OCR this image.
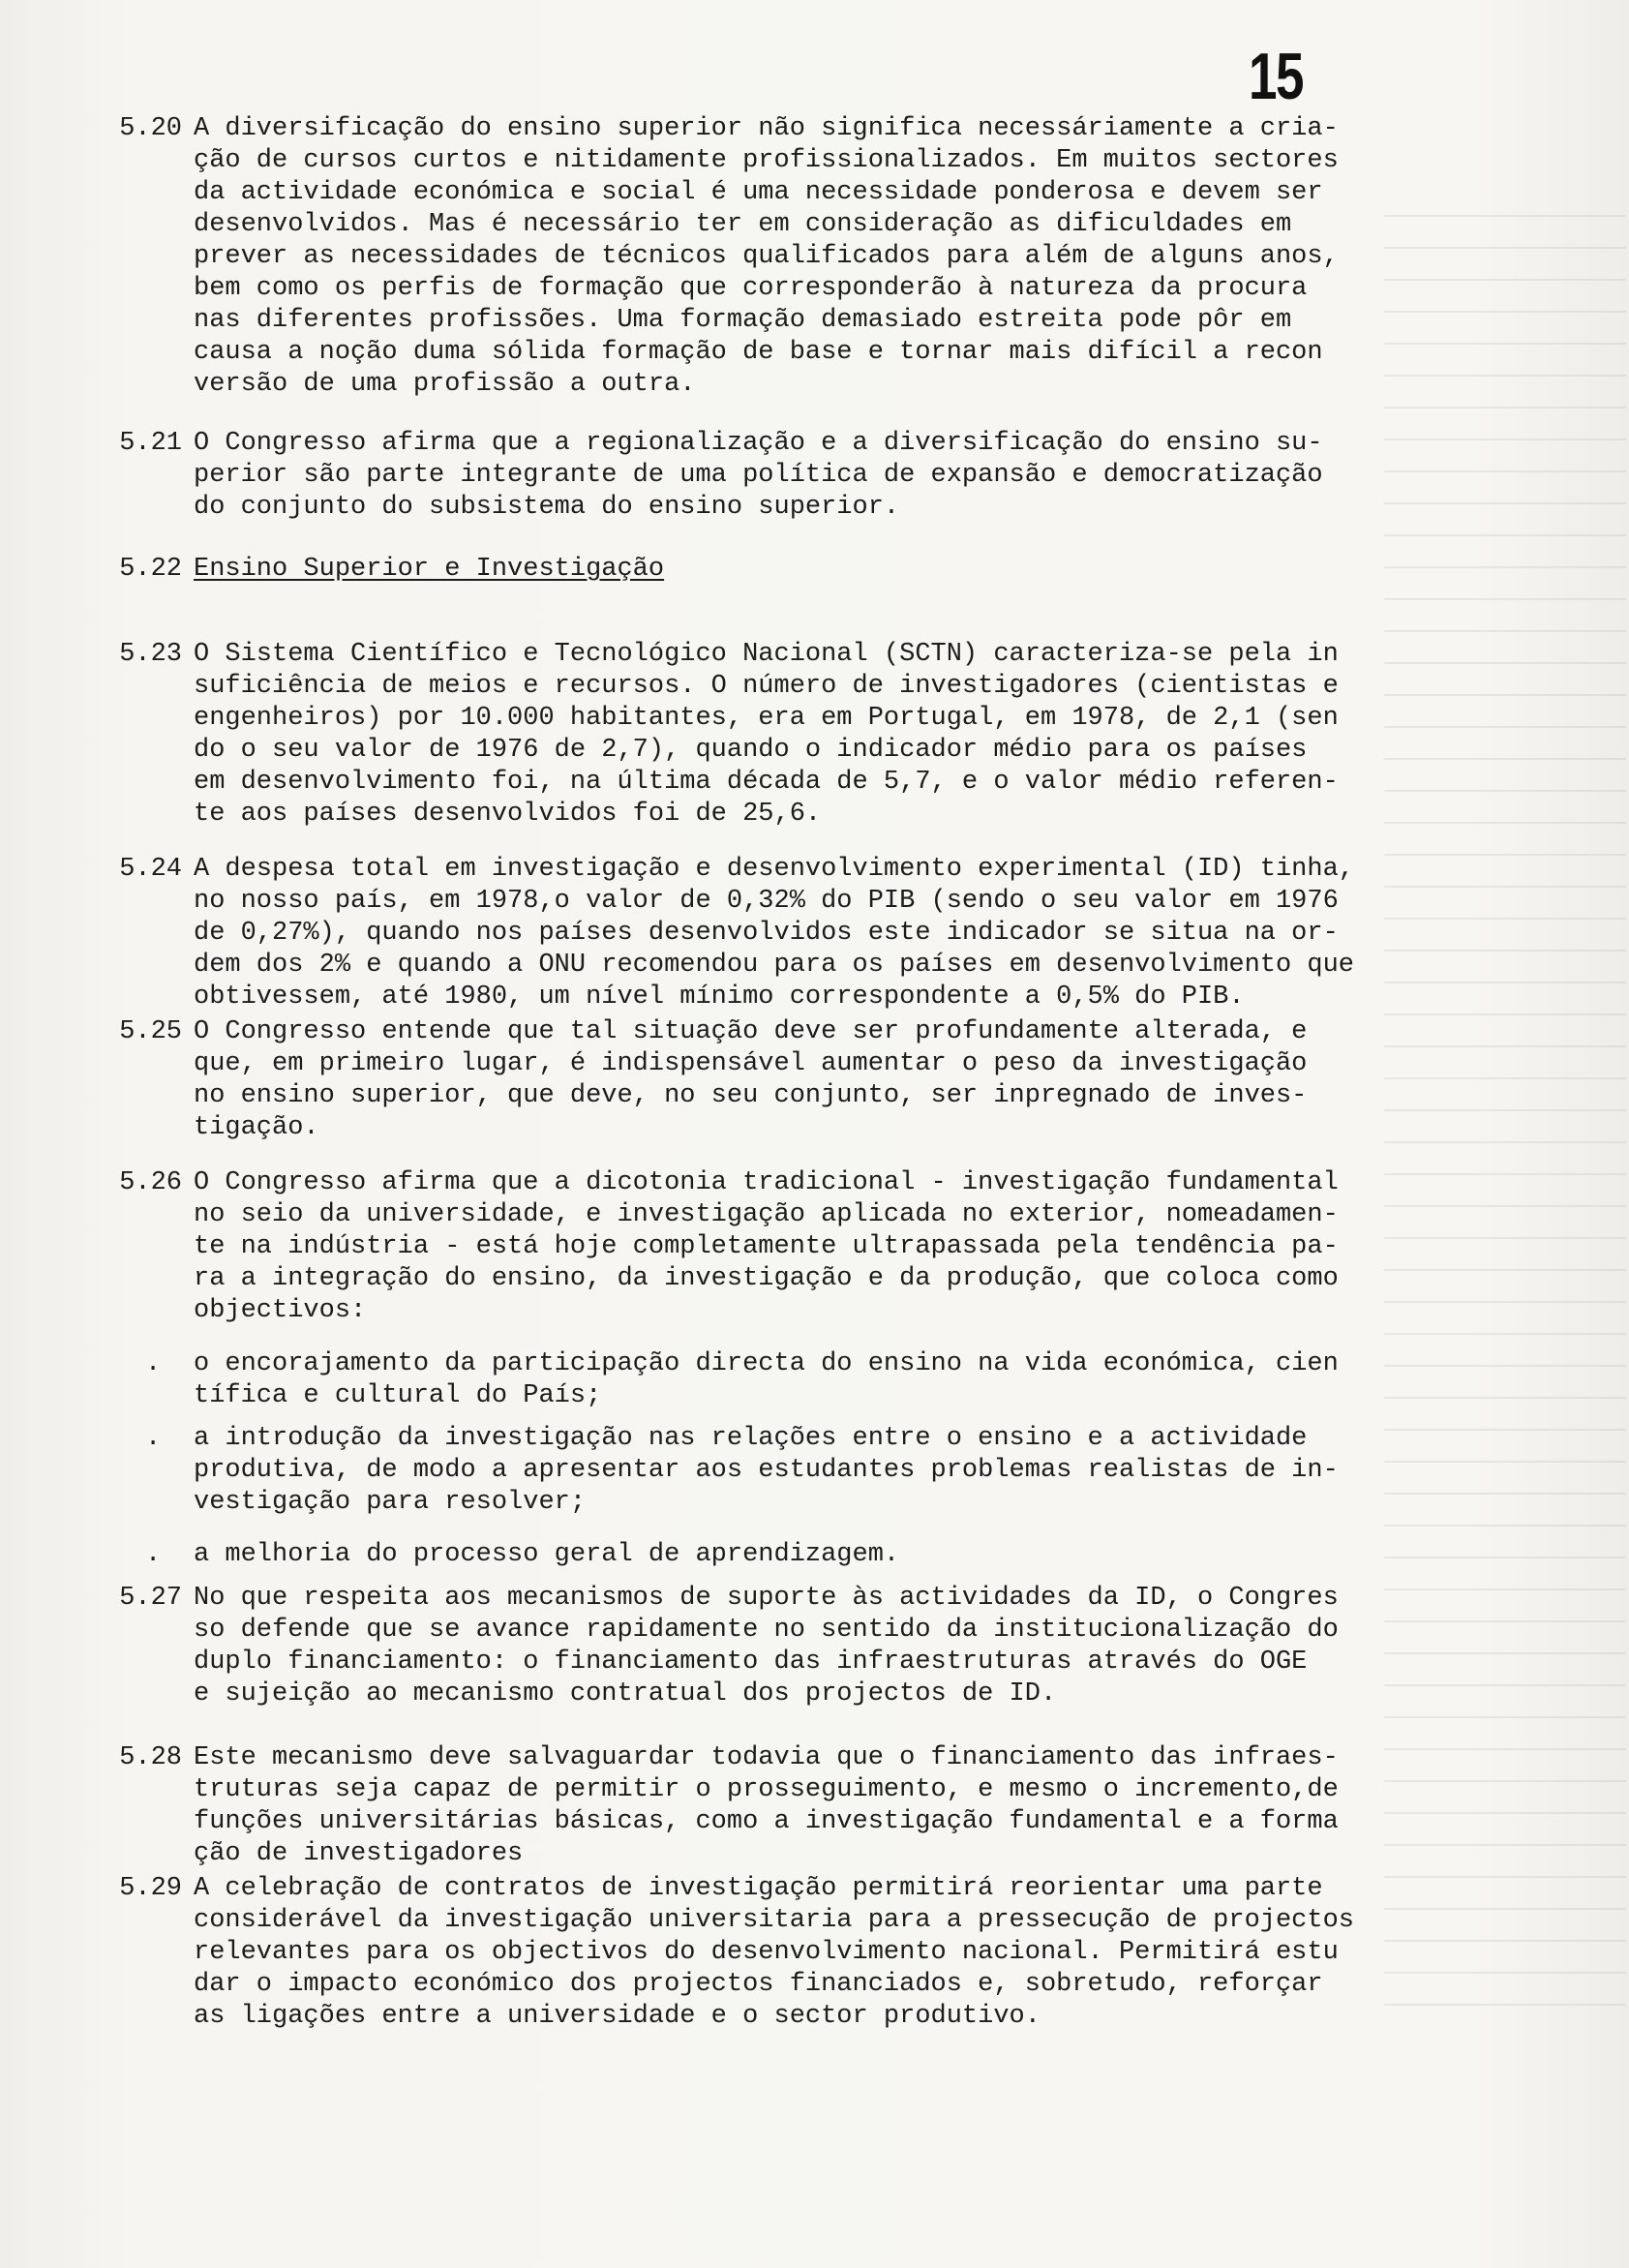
15
5.20 A diversificação do ensino superior não significa necessáriamente a cria-
ção de cursos curtos e nitidamente profissionalizados. Em muitos sectores
da actividade económica e social é uma necessidade ponderosa e devem ser
desenvolvidos. Mas é necessário ter em consideração as dificuldades em
prever as necessidades de técnicos qualificados para além de alguns anos,
bem como os perfis de formação que corresponderão à natureza da procura
nas diferentes profissões. Uma formação demasiado estreita pode pôr em
causa a noção duma sólida formação de base e tornar mais difícil a recon
versão de uma profissão a outra.
5.21 O Congresso afirma que a regionalização e a diversificação do ensino su-
perior são parte integrante de uma política de expansão e democratização
do conjunto do subsistema do ensino superior.
5.22 Ensino Superior e Investigação
5.23 O Sistema Científico e Tecnológico Nacional (SCTN) caracteriza-se pela in
suficiência de meios e recursos. O número de investigadores (cientistas e
engenheiros) por 10.000 habitantes, era em Portugal, em 1978, de 2,1 (sen
do o seu valor de 1976 de 2,7), quando o indicador médio para os países
em desenvolvimento foi, na última década de 5,7, e o valor médio referen-
te aos países desenvolvidos foi de 25,6.
5.24 A despesa total em investigação e desenvolvimento experimental (ID) tinha,
no nosso país, em 1978,o valor de 0,32% do PIB (sendo o seu valor em 1976
de 0,27%), quando nos países desenvolvidos este indicador se situa na or-
dem dos 2% e quando a ONU recomendou para os países em desenvolvimento que
obtivessem, até 1980, um nível mínimo correspondente a 0,5% do PIB.
5.25 O Congresso entende que tal situação deve ser profundamente alterada, e
que, em primeiro lugar, é indispensável aumentar o peso da investigação
no ensino superior, que deve, no seu conjunto, ser inpregnado de inves-
tigação.
5.26 O Congresso afirma que a dicotonia tradicional - investigação fundamental
no seio da universidade, e investigação aplicada no exterior, nomeadamen-
te na indústria - está hoje completamente ultrapassada pela tendência pa-
ra a integração do ensino, da investigação e da produção, que coloca como
objectivos:
. o encorajamento da participação directa do ensino na vida económica, cien
tífica e cultural do País;
. a introdução da investigação nas relações entre o ensino e a actividade
produtiva, de modo a apresentar aos estudantes problemas realistas de in-
vestigação para resolver;
. a melhoria do processo geral de aprendizagem.
5.27 No que respeita aos mecanismos de suporte às actividades da ID, o Congres
so defende que se avance rapidamente no sentido da institucionalização do
duplo financiamento: o financiamento das infraestruturas através do OGE
e sujeição ao mecanismo contratual dos projectos de ID.
5.28 Este mecanismo deve salvaguardar todavia que o financiamento das infraes-
truturas seja capaz de permitir o prosseguimento, e mesmo o incremento,de
funções universitárias básicas, como a investigação fundamental e a forma
ção de investigadores
5.29 A celebração de contratos de investigação permitirá reorientar uma parte
considerável da investigação universitaria para a pressecução de projectos
relevantes para os objectivos do desenvolvimento nacional. Permitirá estu
dar o impacto económico dos projectos financiados e, sobretudo, reforçar
as ligações entre a universidade e o sector produtivo.
